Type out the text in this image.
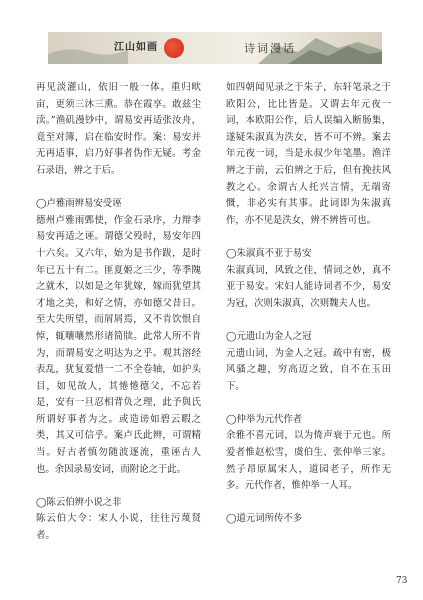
江山如画	诗词漫话

再见淡灌山，依旧一般一体。重归畎亩，更须三沐三熏。恭在霞享。敢兹尘渎。”渔矶漫钞中，谓易安再适张汝舟，竟至对簿，启在临安时作。案：易安并无再适事，启乃好事者伪作无疑。考金石录语，辨之于后。

◯卢雅雨辨易安受诬

德州卢雅雨鄄使，作金石录序，力辩李易安再适之诬。谓德父殁时，易安年四十六矣。又六年，始为是书作跋，是时年已五十有二。匪夏姬之三少，等季隗之就木，以如是之年犹嫁，嫁而犹望其才地之美，和好之情，亦如德父昔日。至大失所望，而屑屑焉，又不肯饮恨自悼，辄嚷嚷然形诸简牍。此常人所不肯为，而谓易安之明达为之乎。观其溶经表乱，犹复爱惜一二不全卷轴，如护头目，如见故人，其惓惓德父，不忘若是，安有一旦忍相背负之理，此予與氏所谓好事者为之。或造谤如碧云暇之类，其又可信乎。案卢氏此辨，可谓精当。好古者慎勿随波逐流，重诬古人也。余因录易安词，而附论之于此。

◯陈云伯辨小说之非

陈云伯大令：宋人小说，往往污蔑贤者。

如四朝闻见录之于朱子，东轩笔录之于欧阳公，比比皆是。又谓去年元夜一词，本欧阳公作，后人误编入断肠集，遂疑朱淑真为泆女，皆不可不辨。案去年元夜一词，当是永叔少年笔墨。渔洋辨之于前，云伯辨之于后，但有挽扶风教之心。余谓古人托兴言情，无端寄慨，非必实有其事。此词即为朱淑真作，亦不见是泆女，辨不辨皆可也。

◯朱淑真不亚于易安

朱淑真词，风致之佳，情词之妙，真不亚于易安。宋妇人能诗词者不少，易安为冠，次则朱淑真，次则魏夫人也。

◯元遗山为金人之冠

元遗山词，为金人之冠。疏中有密，极风骚之趣，穷高迈之致，自不在玉田下。

◯仲举为元代作者

余雅不喜元词，以为倚声衰于元也。所爱者惟赵松雪，虞伯生、张仲举三家。然子昂原属宋人，道园老子，所作无多。元代作者，惟仲举一人耳。

◯道元词所传不多

73
